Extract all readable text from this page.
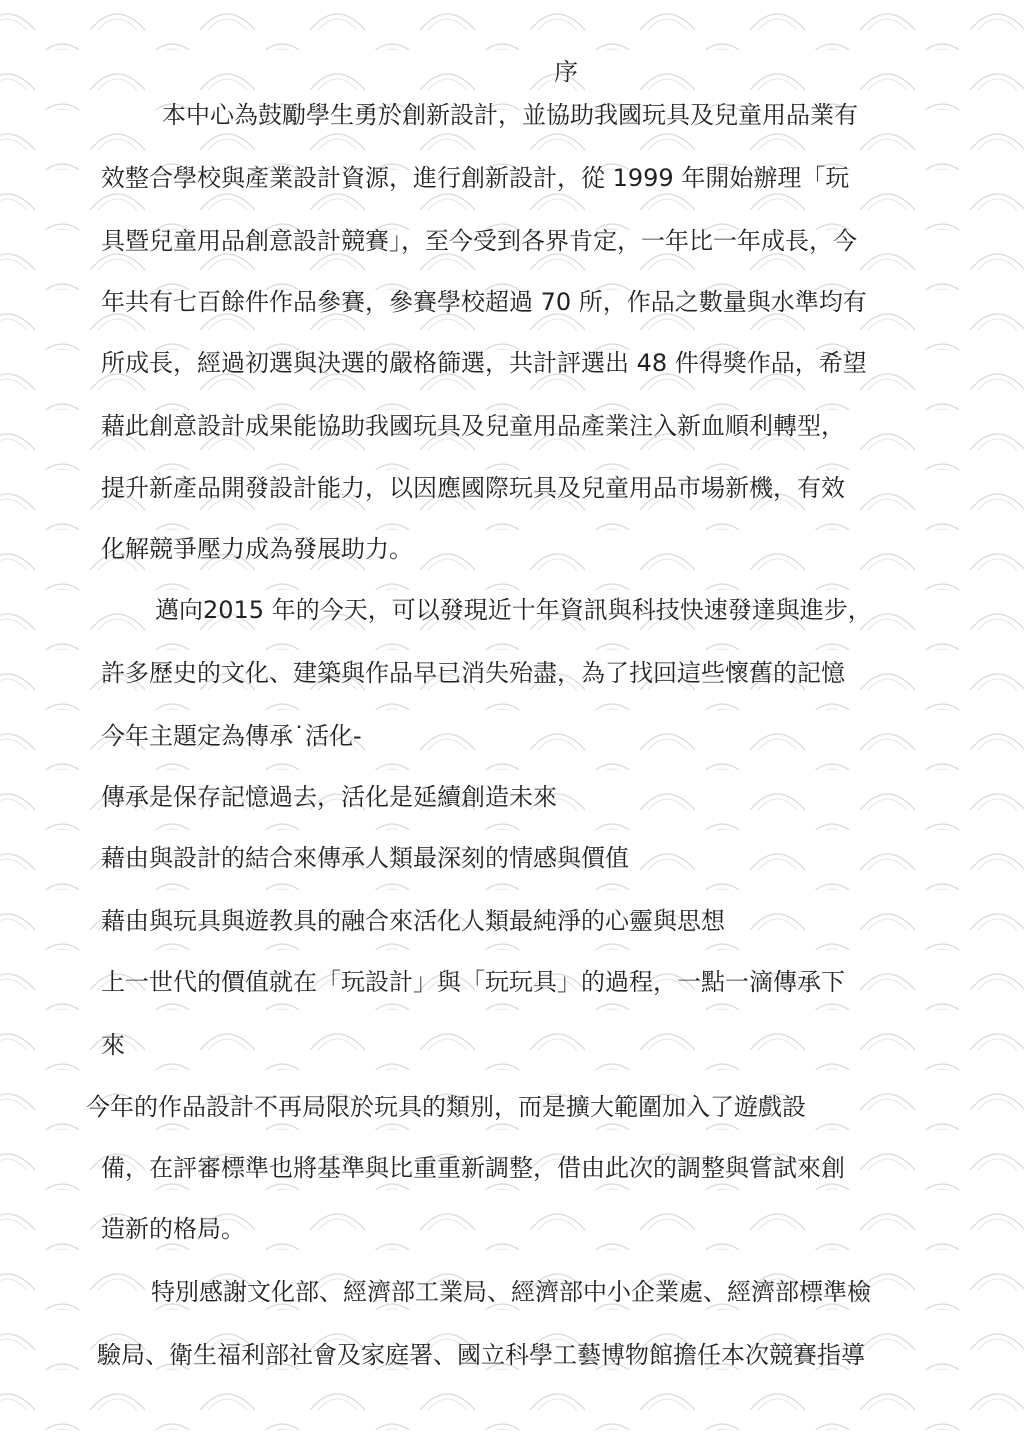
序
本中心為鼓勵學生勇於創新設計，並協助我國玩具及兒童用品業有
效整合學校與產業設計資源，進行創新設計，從 1999 年開始辦理「玩
具暨兒童用品創意設計競賽」，至今受到各界肯定，一年比一年成長，今
年共有七百餘件作品參賽，參賽學校超過 70 所，作品之數量與水準均有
所成長，經過初選與決選的嚴格篩選，共計評選出 48 件得獎作品，希望
藉此創意設計成果能協助我國玩具及兒童用品產業注入新血順利轉型，
提升新產品開發設計能力，以因應國際玩具及兒童用品市場新機，有效
化解競爭壓力成為發展助力。
邁向2015 年的今天，可以發現近十年資訊與科技快速發達與進步，
許多歷史的文化、建築與作品早已消失殆盡，為了找回這些懷舊的記憶
今年主題定為傳承˙活化-
傳承是保存記憶過去，活化是延續創造未來
藉由與設計的結合來傳承人類最深刻的情感與價值
藉由與玩具與遊教具的融合來活化人類最純淨的心靈與思想
上一世代的價值就在「玩設計」與「玩玩具」的過程，一點一滴傳承下
來
今年的作品設計不再局限於玩具的類別，而是擴大範圍加入了遊戲設
備，在評審標準也將基準與比重重新調整，借由此次的調整與嘗試來創
造新的格局。
特別感謝文化部、經濟部工業局、經濟部中小企業處、經濟部標準檢
驗局、衛生福利部社會及家庭署、國立科學工藝博物館擔任本次競賽指導
